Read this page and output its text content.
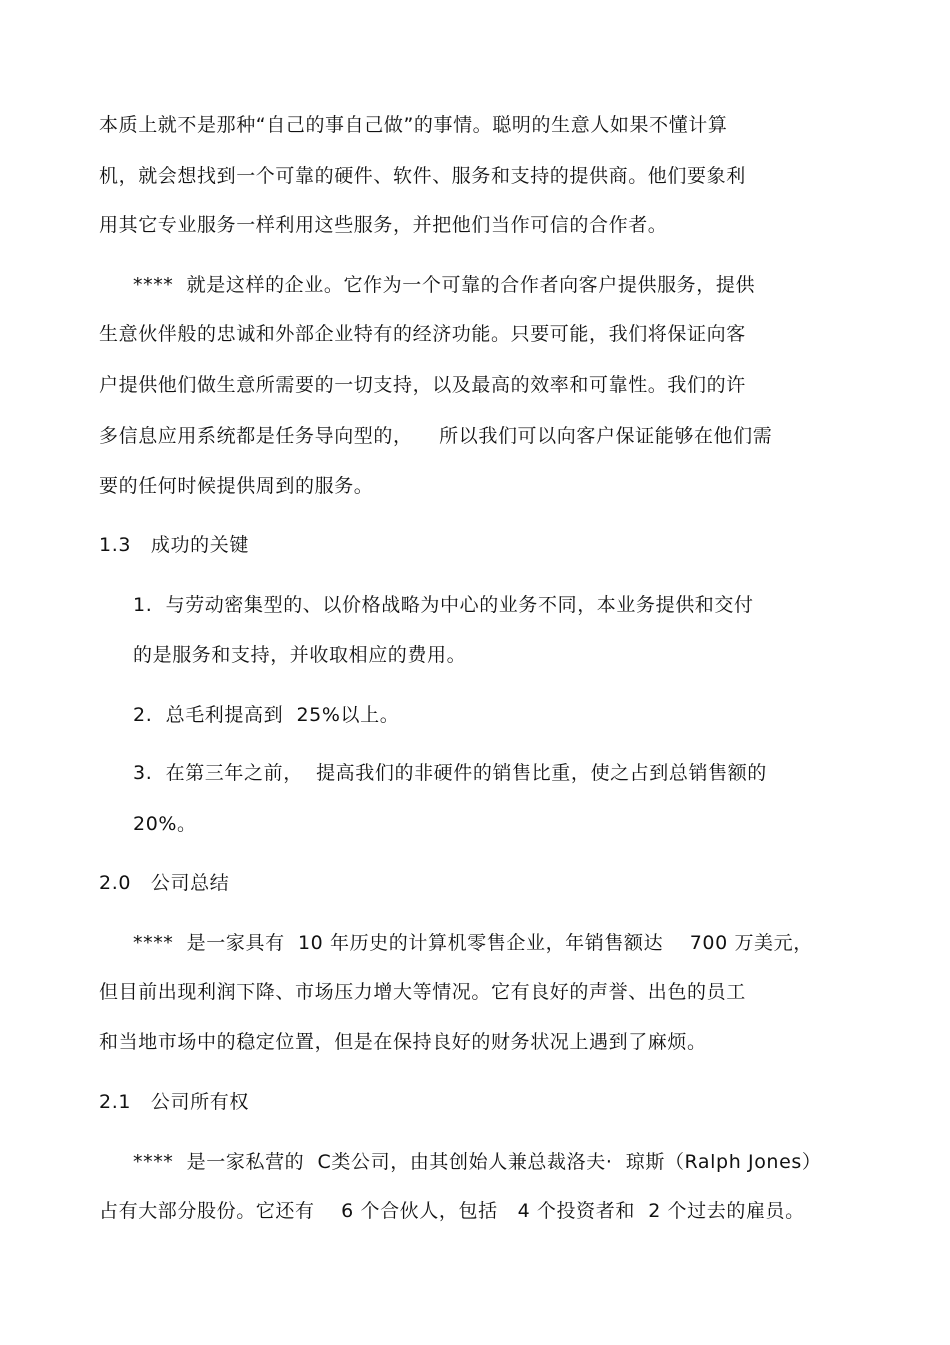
本质上就不是那种“自己的事自己做”的事情。聪明的生意人如果不懂计算
机，就会想找到一个可靠的硬件、软件、服务和支持的提供商。他们要象利
用其它专业服务一样利用这些服务，并把他们当作可信的合作者。
****  就是这样的企业。它作为一个可靠的合作者向客户提供服务，提供
生意伙伴般的忠诚和外部企业特有的经济功能。只要可能，我们将保证向客
户提供他们做生意所需要的一切支持，以及最高的效率和可靠性。我们的许
多信息应用系统都是任务导向型的，    所以我们可以向客户保证能够在他们需
要的任何时候提供周到的服务。
1.3   成功的关键
1.  与劳动密集型的、以价格战略为中心的业务不同，本业务提供和交付
的是服务和支持，并收取相应的费用。
2.  总毛利提高到  25%以上。
3.  在第三年之前，  提高我们的非硬件的销售比重，使之占到总销售额的
20%。
2.0   公司总结
****  是一家具有  10 年历史的计算机零售企业，年销售额达    700 万美元，
但目前出现利润下降、市场压力增大等情况。它有良好的声誉、出色的员工
和当地市场中的稳定位置，但是在保持良好的财务状况上遇到了麻烦。
2.1   公司所有权
****  是一家私营的  C类公司，由其创始人兼总裁洛夫·  琼斯（Ralph Jones）
占有大部分股份。它还有    6 个合伙人，包括   4 个投资者和  2 个过去的雇员。
